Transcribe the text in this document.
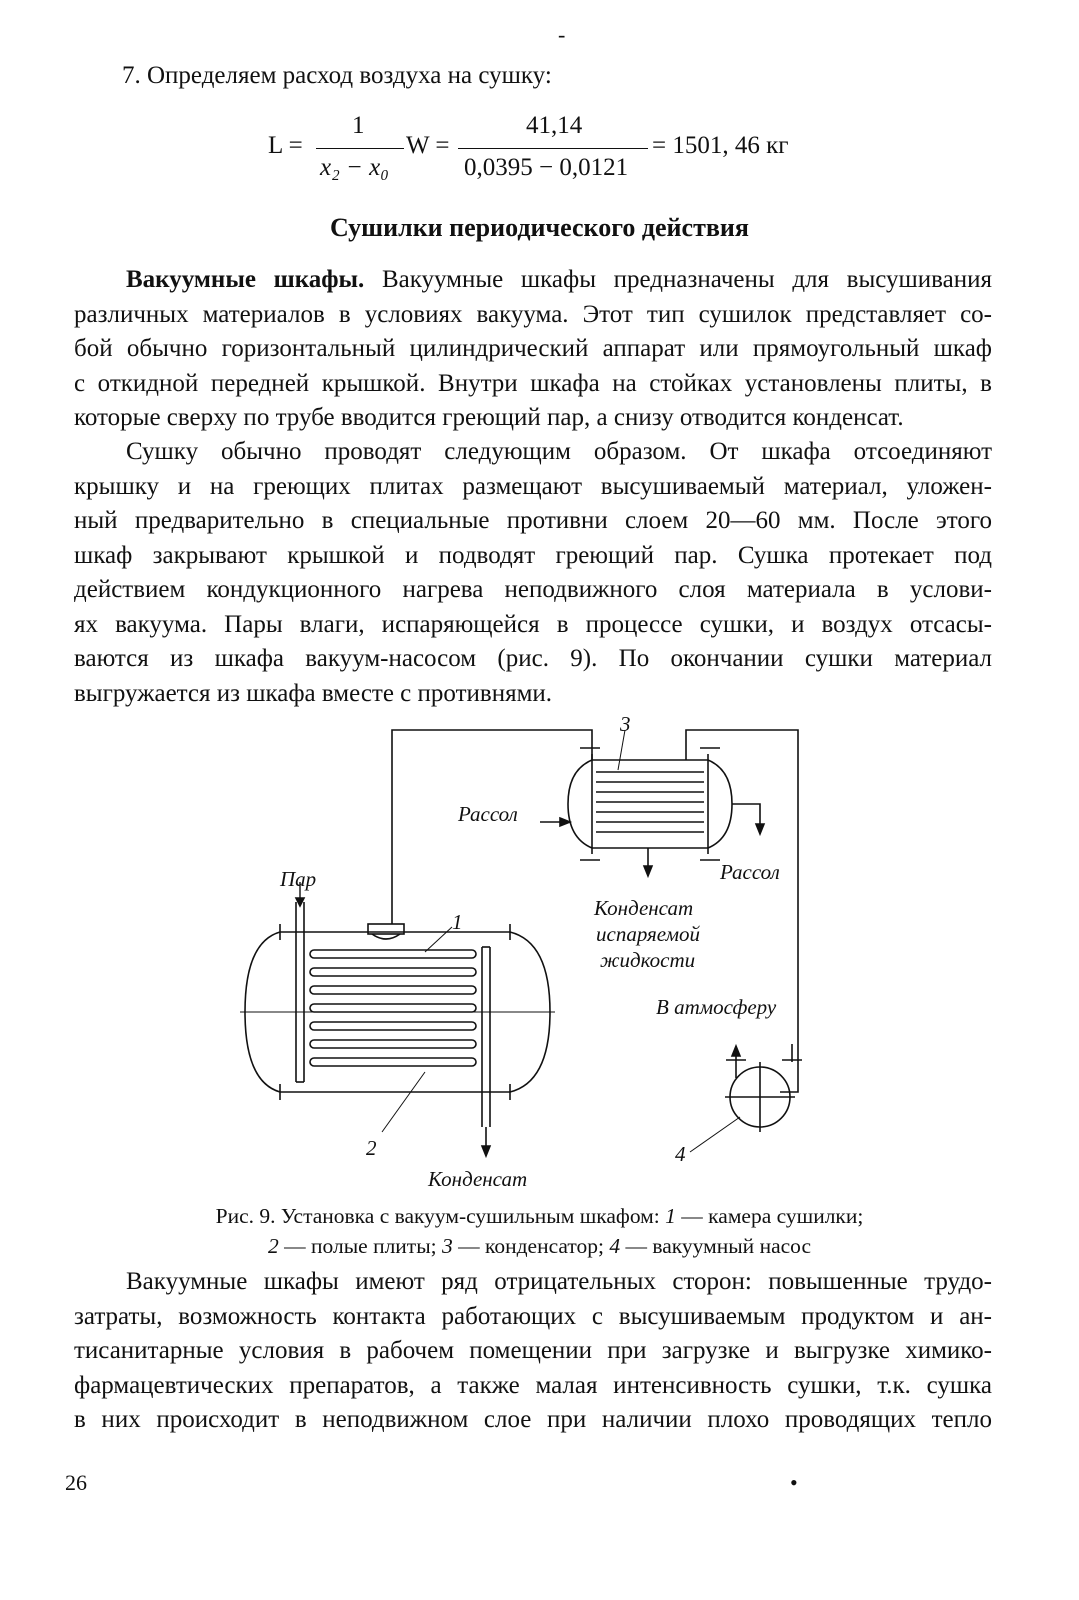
-
7. Определяем расход воздуха на сушку:
L =
1
x₂ − x₀
W =
41,14
0,0395 − 0,0121
= 1501, 46 кг
Сушилки периодического действия
Вакуумные шкафы. Вакуумные шкафы предназначены для высушивания
различных материалов в условиях вакуума. Этот тип сушилок представляет со-
бой обычно горизонтальный цилиндрический аппарат или прямоугольный шкаф
с откидной передней крышкой. Внутри шкафа на стойках установлены плиты, в
которые сверху по трубе вводится греющий пар, а снизу отводится конденсат.
Сушку обычно проводят следующим образом. От шкафа отсоединяют
крышку и на греющих плитах размещают высушиваемый материал, уложен-
ный предварительно в специальные противни слоем 20—60 мм. После этого
шкаф закрывают крышкой и подводят греющий пар. Сушка протекает под
действием кондукционного нагрева неподвижного слоя материала в услови-
ях вакуума. Пары влаги, испаряющейся в процессе сушки, и воздух отсасы-
ваются из шкафа вакуум-насосом (рис. 9). По окончании сушки материал
выгружается из шкафа вместе с противнями.
Пар
Рассол
Рассол
Конденсат
испаряемой
жидкости
В атмосферу
Конденсат
1
2
3
4
Рис. 9. Установка с вакуум-сушильным шкафом: 1 — камера сушилки;
2 — полые плиты; 3 — конденсатор; 4 — вакуумный насос
Вакуумные шкафы имеют ряд отрицательных сторон: повышенные трудо-
затраты, возможность контакта работающих с высушиваемым продуктом и ан-
тисанитарные условия в рабочем помещении при загрузке и выгрузке химико-
фармацевтических препаратов, а также малая интенсивность сушки, т.к. сушка
в них происходит в неподвижном слое при наличии плохо проводящих тепло
26	•
